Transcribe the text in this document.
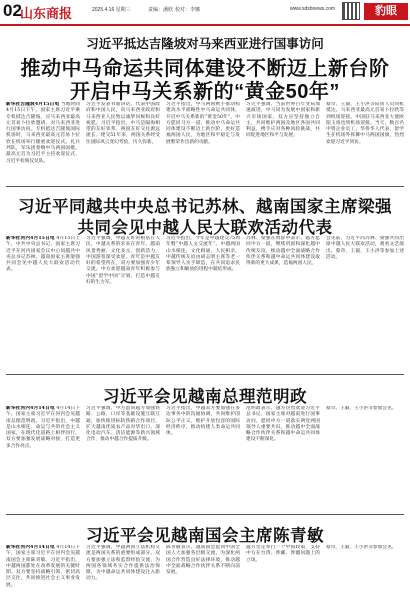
02
山东商报	2025.4.16 星期三	责编：潘欣 校对：李娜	www.sdsbnews.com	豹眼
习近平抵达吉隆坡对马来西亚进行国事访问
推动中马命运共同体建设不断迈上新台阶
开启中马关系新的“黄金50年”
新华社吉隆坡4月15日电 当地时间4月15日下午，国家主席习近平乘专机抵达吉隆坡，应马来西亚最高元首易卜拉欣邀请，对马来西亚进行国事访问。专机抵达吉隆坡国际机场时，马来西亚最高元首易卜拉欣在机场举行隆重欢迎仪式。礼兵列队，军乐团奏响中马两国国歌。最高元首为习近平主持欢迎仪式，习近平检阅仪仗队。
习近平发表书面讲话，代表中国政府和中国人民，向马来西亚政府和马来西亚人民致以诚挚问候和良好祝愿。习近平指出，中马是隔海相望的友好邻邦，两国友好交往源远流长。建交51年来，两国关系经受住国际风云变幻考验，历久弥新。
习近平指出，中马两国携手推动构建高水平战略性中马命运共同体，开启中马关系新的“黄金50年”，中方愿同马方一道，推动中马命运共同体建设不断迈上新台阶，更好造福两国人民，为地区和平稳定与发展繁荣作出新的贡献。
习近平强调，当前世界百年变局加速演进，中马同为发展中国家和新兴市场国家，双方应坚持独立自主，共同维护两国及地区各国共同利益，携手应对各种风险挑战，共同促进地区和平与发展。
蔡奇、王毅、王小洪等陪同人员同机抵达。马来西亚最高元首易卜拉欣等到机场迎接。中国驻马来西亚大使欧阳玉靖也到机场迎接。当天，数百名中资企业员工、华侨华人代表、留学生在机场外挥舞中马两国国旗，热烈欢迎习近平到访。
习近平同越共中央总书记苏林、越南国家主席梁强
共同会见中越人民大联欢活动代表
新华社河内4月15日电 4月15日上午，中共中央总书记、国家主席习近平在河内国家会议中心同越共中央总书记苏林、越南国家主席梁强共同会见中越人民大联欢活动代表。
习近平强调，中越友好的根基在人民，中越关系的未来在青年。越南风景秀丽、文化多元、创新活力，中国游客深受欢迎。青年是中越友好的希望所在，双方要加强青少年交流。中方欢迎越南青年积极参与中国“留学中国”计划，打造中越友好的生力军。
习近平指出，今年是中越建交75周年暨“中越人文交流年”。中越两国山水相连，文化相通，人民相亲。中越传统友谊由胡志明主席等老一辈领导人亲手缔造，在共同追求民族独立和解放的进程中凝结形成。
苏林、梁强在致辞中表示，越方愿同中方一道，继续巩固和深化越中传统友谊，推动越中全面战略合作伙伴关系和越中命运共同体建设取得新的更大成果，造福两国人民。
会见前，习近平同苏林、梁强共同出席中越人民大联欢活动，观看文艺演出。蔡奇、王毅、王小洪等参加上述活动。
习近平会见越南总理范明政
新华社河内4月14日电 4月14日下午，国家主席习近平在河内会见越南总理范明政。习近平指出，中越是山水相连、命运与共的社会主义国家，在现代化道路上相伴同行。双方要加强发展战略对接，打造更多合作亮点。
习近平强调，中方愿同越方加强铁路、公路、口岸等基础设施互联互通，加快推进标轨铁路合作项目，扩大越南优质农产品对华出口，深化电动汽车、清洁能源等新兴领域合作，推动中越合作提质升级。
习近平指出，中越双方要加强在多边事务中的沟通协调，共同维护国际公平正义，维护开放包容的国际经济秩序，推动构建人类命运共同体。
范明政表示，越方热烈欢迎习近平总书记、国家主席对越南进行国事访问，愿同中方一道落实两党两国领导人重要共识，推动越中全面战略合作伙伴关系和越中命运共同体建设不断深化。
蔡奇、王毅、王小洪等参加会见。
习近平会见越南国会主席陈青敏
新华社河内4月14日电 4月14日下午，国家主席习近平在河内会见越南国会主席陈青敏。习近平指出，中越两国都处在改革发展的关键时期。双方要坚持战略引领，密切高层交往，共同推进社会主义事业发展。
习近平强调，中越两国立法机构交流是两国关系的重要组成部分。双方要加强立法和监督经验交流，为两国各领域务实合作提供法治保障，为中越命运共同体建设注入新动力。
陈青敏表示，越南国会愿同中国全国人大加强各层级交流，为深化两国合作营造良好法律环境，推动越中全面战略合作伙伴关系不断向前发展。
越方坚定奉行一个中国政策，支持中方在台湾、涉藏、涉疆问题上的立场。
蔡奇、王毅、王小洪等参加会见。
